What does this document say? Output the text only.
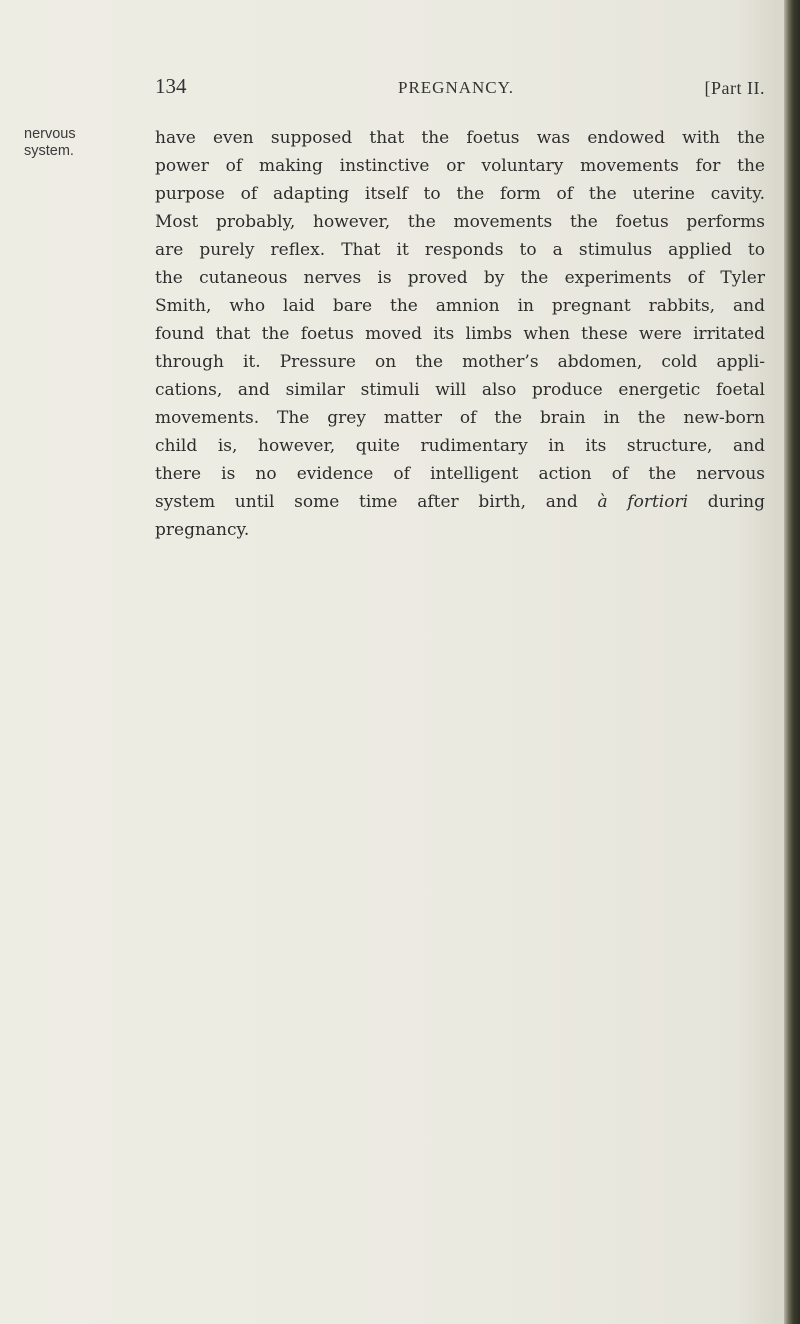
134	PREGNANCY.	[Part II.
nervous
system.

have even supposed that the foetus was endowed with the
power of making instinctive or voluntary movements for the
purpose of adapting itself to the form of the uterine cavity.
Most probably, however, the movements the foetus performs
are purely reflex. That it responds to a stimulus applied to
the cutaneous nerves is proved by the experiments of Tyler
Smith, who laid bare the amnion in pregnant rabbits, and
found that the foetus moved its limbs when these were irritated
through it. Pressure on the mother’s abdomen, cold appli-
cations, and similar stimuli will also produce energetic foetal
movements. The grey matter of the brain in the new-born
child is, however, quite rudimentary in its structure, and
there is no evidence of intelligent action of the nervous
system until some time after birth, and à fortiori during
pregnancy.
